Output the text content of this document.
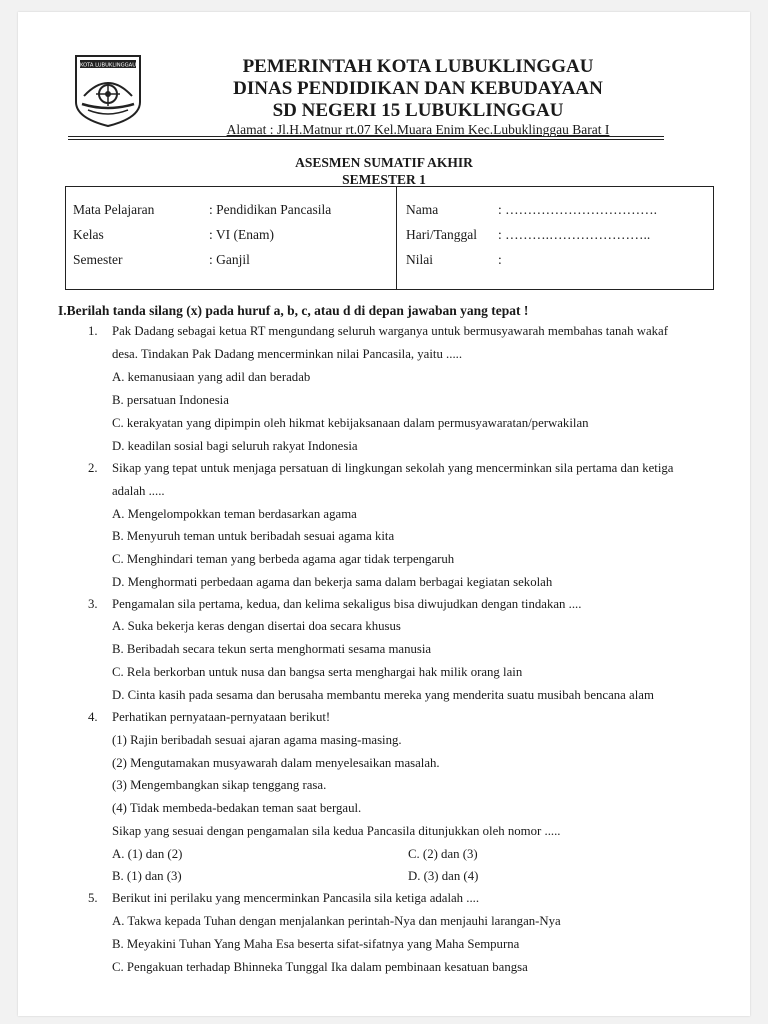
KOTA LUBUKLINGGAU	PEMERINTAH KOTA LUBUKLINGGAU
DINAS PENDIDIKAN DAN KEBUDAYAAN
SD NEGERI 15 LUBUKLINGGAU
Alamat : Jl.H.Matnur rt.07 Kel.Muara Enim Kec.Lubuklinggau Barat I
ASESMEN SUMATIF AKHIR
SEMESTER 1
Mata Pelajaran	: Pendidikan Pancasila
Kelas	: VI (Enam)
Semester	: Ganjil
Nama	: …………………………….
Hari/Tanggal : ……….…………………..
Nilai	:
I.Berilah tanda silang (x) pada huruf a, b, c, atau d di depan jawaban yang tepat !
1. Pak Dadang sebagai ketua RT mengundang seluruh warganya untuk bermusyawarah membahas tanah wakaf
desa. Tindakan Pak Dadang mencerminkan nilai Pancasila, yaitu .....
A. kemanusiaan yang adil dan beradab
B. persatuan Indonesia
C. kerakyatan yang dipimpin oleh hikmat kebijaksanaan dalam permusyawaratan/perwakilan
D. keadilan sosial bagi seluruh rakyat Indonesia
2. Sikap yang tepat untuk menjaga persatuan di lingkungan sekolah yang mencerminkan sila pertama dan ketiga
adalah .....
A. Mengelompokkan teman berdasarkan agama
B. Menyuruh teman untuk beribadah sesuai agama kita
C. Menghindari teman yang berbeda agama agar tidak terpengaruh
D. Menghormati perbedaan agama dan bekerja sama dalam berbagai kegiatan sekolah
3. Pengamalan sila pertama, kedua, dan kelima sekaligus bisa diwujudkan dengan tindakan ....
A. Suka bekerja keras dengan disertai doa secara khusus
B. Beribadah secara tekun serta menghormati sesama manusia
C. Rela berkorban untuk nusa dan bangsa serta menghargai hak milik orang lain
D. Cinta kasih pada sesama dan berusaha membantu mereka yang menderita suatu musibah bencana alam
4. Perhatikan pernyataan-pernyataan berikut!
(1) Rajin beribadah sesuai ajaran agama masing-masing.
(2) Mengutamakan musyawarah dalam menyelesaikan masalah.
(3) Mengembangkan sikap tenggang rasa.
(4) Tidak membeda-bedakan teman saat bergaul.
Sikap yang sesuai dengan pengamalan sila kedua Pancasila ditunjukkan oleh nomor .....
A. (1) dan (2)	C. (2) dan (3)
B. (1) dan (3)	D. (3) dan (4)
5. Berikut ini perilaku yang mencerminkan Pancasila sila ketiga adalah ....
A. Takwa kepada Tuhan dengan menjalankan perintah-Nya dan menjauhi larangan-Nya
B. Meyakini Tuhan Yang Maha Esa beserta sifat-sifatnya yang Maha Sempurna
C. Pengakuan terhadap Bhinneka Tunggal Ika dalam pembinaan kesatuan bangsa
